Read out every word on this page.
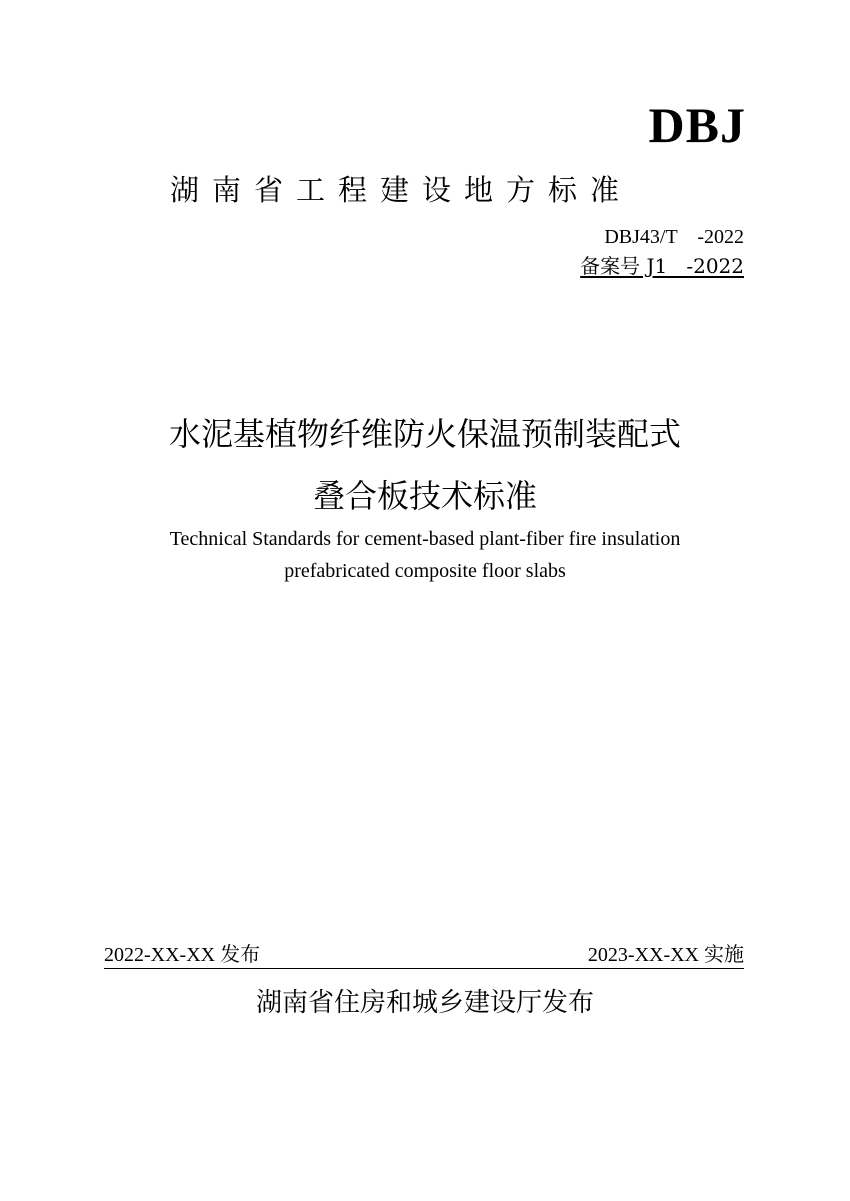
DBJ
湖南省工程建设地方标准
DBJ43/T    -2022
备案号 J1   -2022
水泥基植物纤维防火保温预制装配式
叠合板技术标准
Technical Standards for cement-based plant-fiber fire insulation
prefabricated composite floor slabs
2022-XX-XX 发布	2023-XX-XX 实施
湖南省住房和城乡建设厅发布
